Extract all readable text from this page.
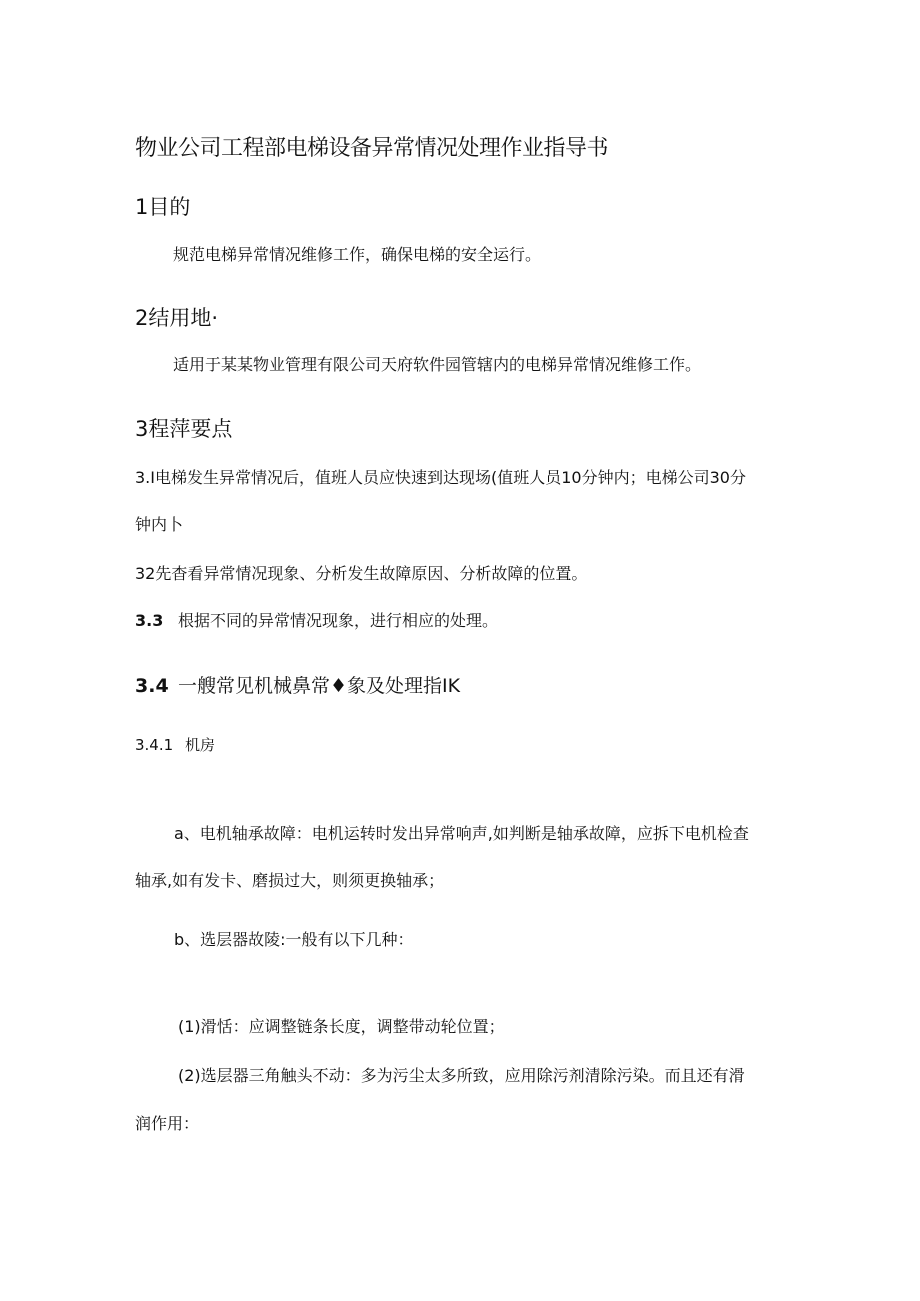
物业公司工程部电梯设备异常情况处理作业指导书
1目的
规范电梯异常情况维修工作，确保电梯的安全运行。
2结用地·
适用于某某物业管理有限公司天府软件园管辖内的电梯异常情况维修工作。
3程萍要点
3.I电梯发生异常情况后，值班人员应快速到达现场(值班人员10分钟内；电梯公司30分
钟内卜
32先杳看异常情况现象、分析发生故障原因、分析故障的位置。
3.3 根据不同的异常情况现象，进行相应的处理。
3.4 一艘常见机械鼻常♦象及处理指IK
3.4.1 机房
a、电机轴承故障：电机运转时发出异常响声,如判断是轴承故障，应拆下电机检查
轴承,如有发卡、磨损过大，则须更换轴承；
b、选层器故陵:一般有以下几种：
(1)滑恬：应调整链条长度，调整带动轮位置；
(2)选层器三角触头不动：多为污尘太多所致，应用除污剂清除污染。而且还有滑
润作用：
